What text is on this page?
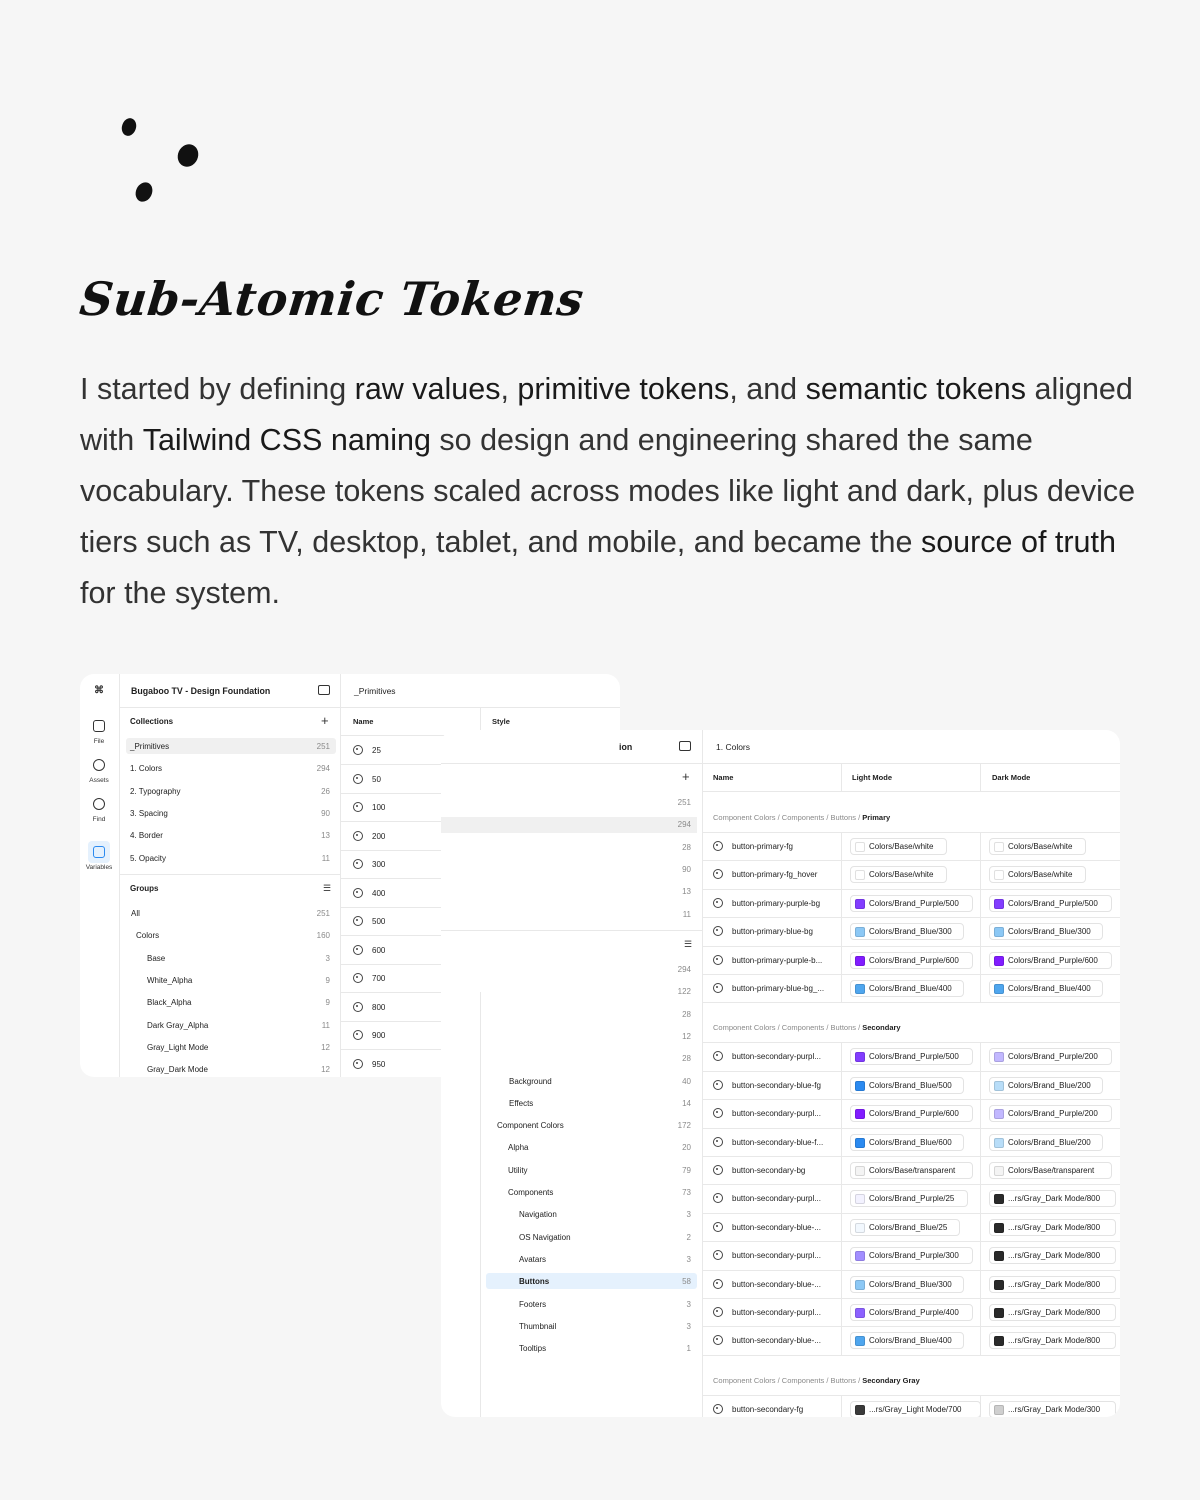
Sub-Atomic Tokens
I started by defining raw values, primitive tokens, and semantic tokens aligned with Tailwind CSS naming so design and engineering shared the same vocabulary. These tokens scaled across modes like light and dark, plus device tiers such as TV, desktop, tablet, and mobile, and became the source of truth for the system.
⌘	Bugaboo TV - Design Foundation
Collections	+
Groups	☰
_Primitives
Name	Style
File
Assets
Find
Variables
_Primitives	251
1. Colors	294
2. Typography	26
3. Spacing	90
4. Border	13
5. Opacity	11
All	251
Colors	160
Base	3
White_Alpha	9
Black_Alpha	9
Dark Gray_Alpha	11
Gray_Light Mode	12
Gray_Dark Mode	12
25
50
100
200
300
400
500
600
700
800
900
950
ion
+
☰
1. Colors
Name	Light Mode	Dark Mode
251
294
28
90
13
11
294
122
28
12
28
Background	40
Effects	14
Component Colors	172
Alpha	20
Utility	79
Components	73
Navigation	3
OS Navigation	2
Avatars	3
Buttons	58
Footers	3
Thumbnail	3
Tooltips	1
Component Colors / Components / Buttons / Primary
button-primary-fg	Colors/Base/white	Colors/Base/white
button-primary-fg_hover	Colors/Base/white	Colors/Base/white
button-primary-purple-bg	Colors/Brand_Purple/500	Colors/Brand_Purple/500
button-primary-blue-bg	Colors/Brand_Blue/300	Colors/Brand_Blue/300
button-primary-purple-b...	Colors/Brand_Purple/600	Colors/Brand_Purple/600
button-primary-blue-bg_...	Colors/Brand_Blue/400	Colors/Brand_Blue/400
Component Colors / Components / Buttons / Secondary
button-secondary-purpl...	Colors/Brand_Purple/500	Colors/Brand_Purple/200
button-secondary-blue-fg	Colors/Brand_Blue/500	Colors/Brand_Blue/200
button-secondary-purpl...	Colors/Brand_Purple/600	Colors/Brand_Purple/200
button-secondary-blue-f...	Colors/Brand_Blue/600	Colors/Brand_Blue/200
button-secondary-bg	Colors/Base/transparent	Colors/Base/transparent
button-secondary-purpl...	Colors/Brand_Purple/25	...rs/Gray_Dark Mode/800
button-secondary-blue-...	Colors/Brand_Blue/25	...rs/Gray_Dark Mode/800
button-secondary-purpl...	Colors/Brand_Purple/300	...rs/Gray_Dark Mode/800
button-secondary-blue-...	Colors/Brand_Blue/300	...rs/Gray_Dark Mode/800
button-secondary-purpl...	Colors/Brand_Purple/400	...rs/Gray_Dark Mode/800
button-secondary-blue-...	Colors/Brand_Blue/400	...rs/Gray_Dark Mode/800
Component Colors / Components / Buttons / Secondary Gray
button-secondary-fg	...rs/Gray_Light Mode/700	...rs/Gray_Dark Mode/300
